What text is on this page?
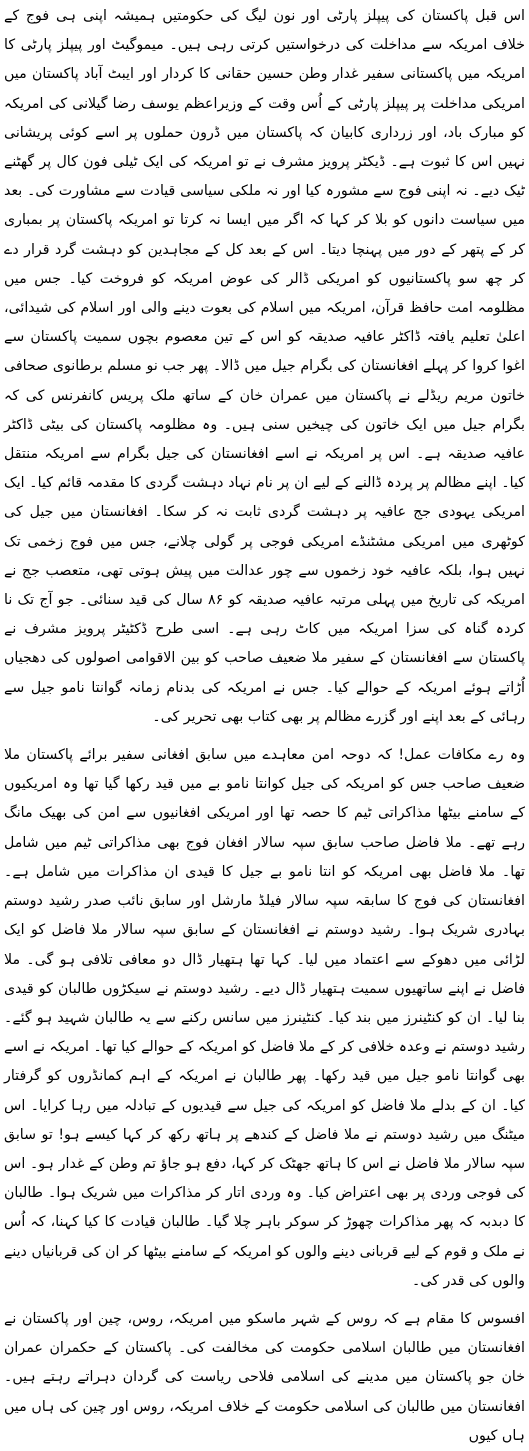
اس قبل پاکستان کی پیپلز پارٹی اور نون لیگ کی حکومتیں ہمیشہ اپنی ہی فوج کے خلاف امریکہ سے مداخلت کی درخواستیں کرتی رہی ہیں۔ میموگیٹ اور پیپلز پارٹی کا امریکہ میں پاکستانی سفیر غدار وطن حسین حقانی کا کردار اور ایبٹ آباد پاکستان میں امریکی مداخلت پر پیپلز پارٹی کے اُس وقت کے وزیراعظم یوسف رضا گیلانی کی امریکہ کو مبارک باد، اور زرداری کابیان کہ پاکستان میں ڈرون حملوں پر اسے کوئی پریشانی نہیں اس کا ثبوت ہے۔ ڈیکٹر پرویز مشرف نے تو امریکہ کی ایک ٹیلی فون کال پر گھٹنے ٹیک دیے۔ نہ اپنی فوج سے مشورہ کیا اور نہ ملکی سیاسی قیادت سے مشاورت کی۔ بعد میں سیاست دانوں کو بلا کر کہا کہ اگر میں ایسا نہ کرتا تو امریکہ پاکستان پر بمباری کر کے پتھر کے دور میں پہنچا دیتا۔ اس کے بعد کل کے مجاہدین کو دہشت گرد قرار دے کر چھ سو پاکستانیوں کو امریکی ڈالر کی عوض امریکہ کو فروخت کیا۔ جس میں مظلومہ امت حافظ قرآن، امریکہ میں اسلام کی بعوت دینے والی اور اسلام کی شیدائی، اعلیٰ تعلیم یافتہ ڈاکٹر عافیہ صدیقہ کو اس کے تین معصوم بچوں سمیت پاکستان سے اغوا کروا کر پہلے افغانستان کی بگرام جیل میں ڈالا۔ پھر جب نو مسلم برطانوی صحافی خاتون مریم ریڈلے نے پاکستان میں عمران خان کے ساتھ ملک پریس کانفرنس کی کہ بگرام جیل میں ایک خاتون کی چیخیں سنی ہیں۔ وہ مظلومہ پاکستان کی بیٹی ڈاکٹر عافیہ صدیقہ ہے۔ اس پر امریکہ نے اسے افغانستان کی جیل بگرام سے امریکہ منتقل کیا۔ اپنے مظالم پر پردہ ڈالنے کے لیے ان پر نام نہاد دہشت گردی کا مقدمہ قائم کیا۔ ایک امریکی یہودی جج عافیہ پر دہشت گردی ثابت نہ کر سکا۔ افغانستان میں جیل کی کوٹھری میں امریکی مشٹنڈے امریکی فوجی پر گولی چلانے، جس میں فوج زخمی تک نہیں ہوا، بلکہ عافیہ خود زخموں سے چور عدالت میں پیش ہوتی تھی، متعصب جج نے امریکہ کی تاریخ میں پہلی مرتبہ عافیہ صدیقہ کو ۸۶ سال کی قید سنائی۔ جو آج تک نا کردہ گناہ کی سزا امریکہ میں کاٹ رہی ہے۔ اسی طرح ڈکٹیٹر پرویز مشرف نے پاکستان سے افغانستان کے سفیر ملا ضعیف صاحب کو بین الاقوامی اصولوں کی دھجیاں اُڑاتے ہوئے امریکہ کے حوالے کیا۔ جس نے امریکہ کی بدنام زمانہ گوانتا نامو جیل سے رہائی کے بعد اپنے اور گزرے مظالم پر بھی کتاب بھی تحریر کی۔

وہ رے مکافات عمل! کہ دوحہ امن معاہدے میں سابق افغانی سفیر برائے پاکستان ملا ضعیف صاحب جس کو امریکہ کی جیل کوانتا نامو بے میں قید رکھا گیا تھا وہ امریکیوں کے سامنے بیٹھا مذاکراتی ٹیم کا حصہ تھا اور امریکی افغانیوں سے امن کی بھیک مانگ رہے تھے۔ ملا فاضل صاحب سابق سپہ سالار افغان فوج بھی مذاکراتی ٹیم میں شامل تھا۔ ملا فاضل بھی امریکہ کو انتا نامو بے جیل کا قیدی ان مذاکرات میں شامل ہے۔ افغانستان کی فوج کا سابقہ سپہ سالار فیلڈ مارشل اور سابق نائب صدر رشید دوستم بہادری شریک ہوا۔ رشید دوستم نے افغانستان کے سابق سپہ سالار ملا فاضل کو ایک لڑائی میں دھوکے سے اعتماد میں لیا۔ کہا تھا ہتھیار ڈال دو معافی تلافی ہو گی۔ ملا فاضل نے اپنے ساتھیوں سمیت ہتھیار ڈال دیے۔ رشید دوستم نے سیکڑوں طالبان کو قیدی بنا لیا۔ ان کو کنٹینرز میں بند کیا۔ کنٹینرز میں سانس رکنے سے یہ طالبان شہید ہو گئے۔ رشید دوستم نے وعدہ خلافی کر کے ملا فاضل کو امریکہ کے حوالے کیا تھا۔ امریکہ نے اسے بھی گوانتا نامو جیل میں قید رکھا۔ پھر طالبان نے امریکہ کے اہم کمانڈروں کو گرفتار کیا۔ ان کے بدلے ملا فاضل کو امریکہ کی جیل سے قیدیوں کے تبادلہ میں رہا کرایا۔ اس میٹنگ میں رشید دوستم نے ملا فاضل کے کندھے پر ہاتھ رکھ کر کہا کیسے ہو! تو سابق سپہ سالار ملا فاضل نے اس کا ہاتھ جھٹک کر کہا، دفع ہو جاؤ تم وطن کے غدار ہو۔ اس کی فوجی وردی پر بھی اعتراض کیا۔ وہ وردی اتار کر مذاکرات میں شریک ہوا۔ طالبان کا دبدبہ کہ پھر مذاکرات چھوڑ کر سوکر باہر چلا گیا۔ طالبان قیادت کا کیا کہنا، کہ اُس نے ملک و قوم کے لیے قربانی دینے والوں کو امریکہ کے سامنے بیٹھا کر ان کی قربانیاں دینے والوں کی قدر کی۔

افسوس کا مقام ہے کہ روس کے شہر ماسکو میں امریکہ، روس، چین اور پاکستان نے افغانستان میں طالبان اسلامی حکومت کی مخالفت کی۔ پاکستان کے حکمران عمران خان جو پاکستان میں مدینے کی اسلامی فلاحی ریاست کی گردان دہراتے رہتے ہیں۔ افغانستان میں طالبان کی اسلامی حکومت کے خلاف امریکہ، روس اور چین کی ہاں میں ہاں کیوں
